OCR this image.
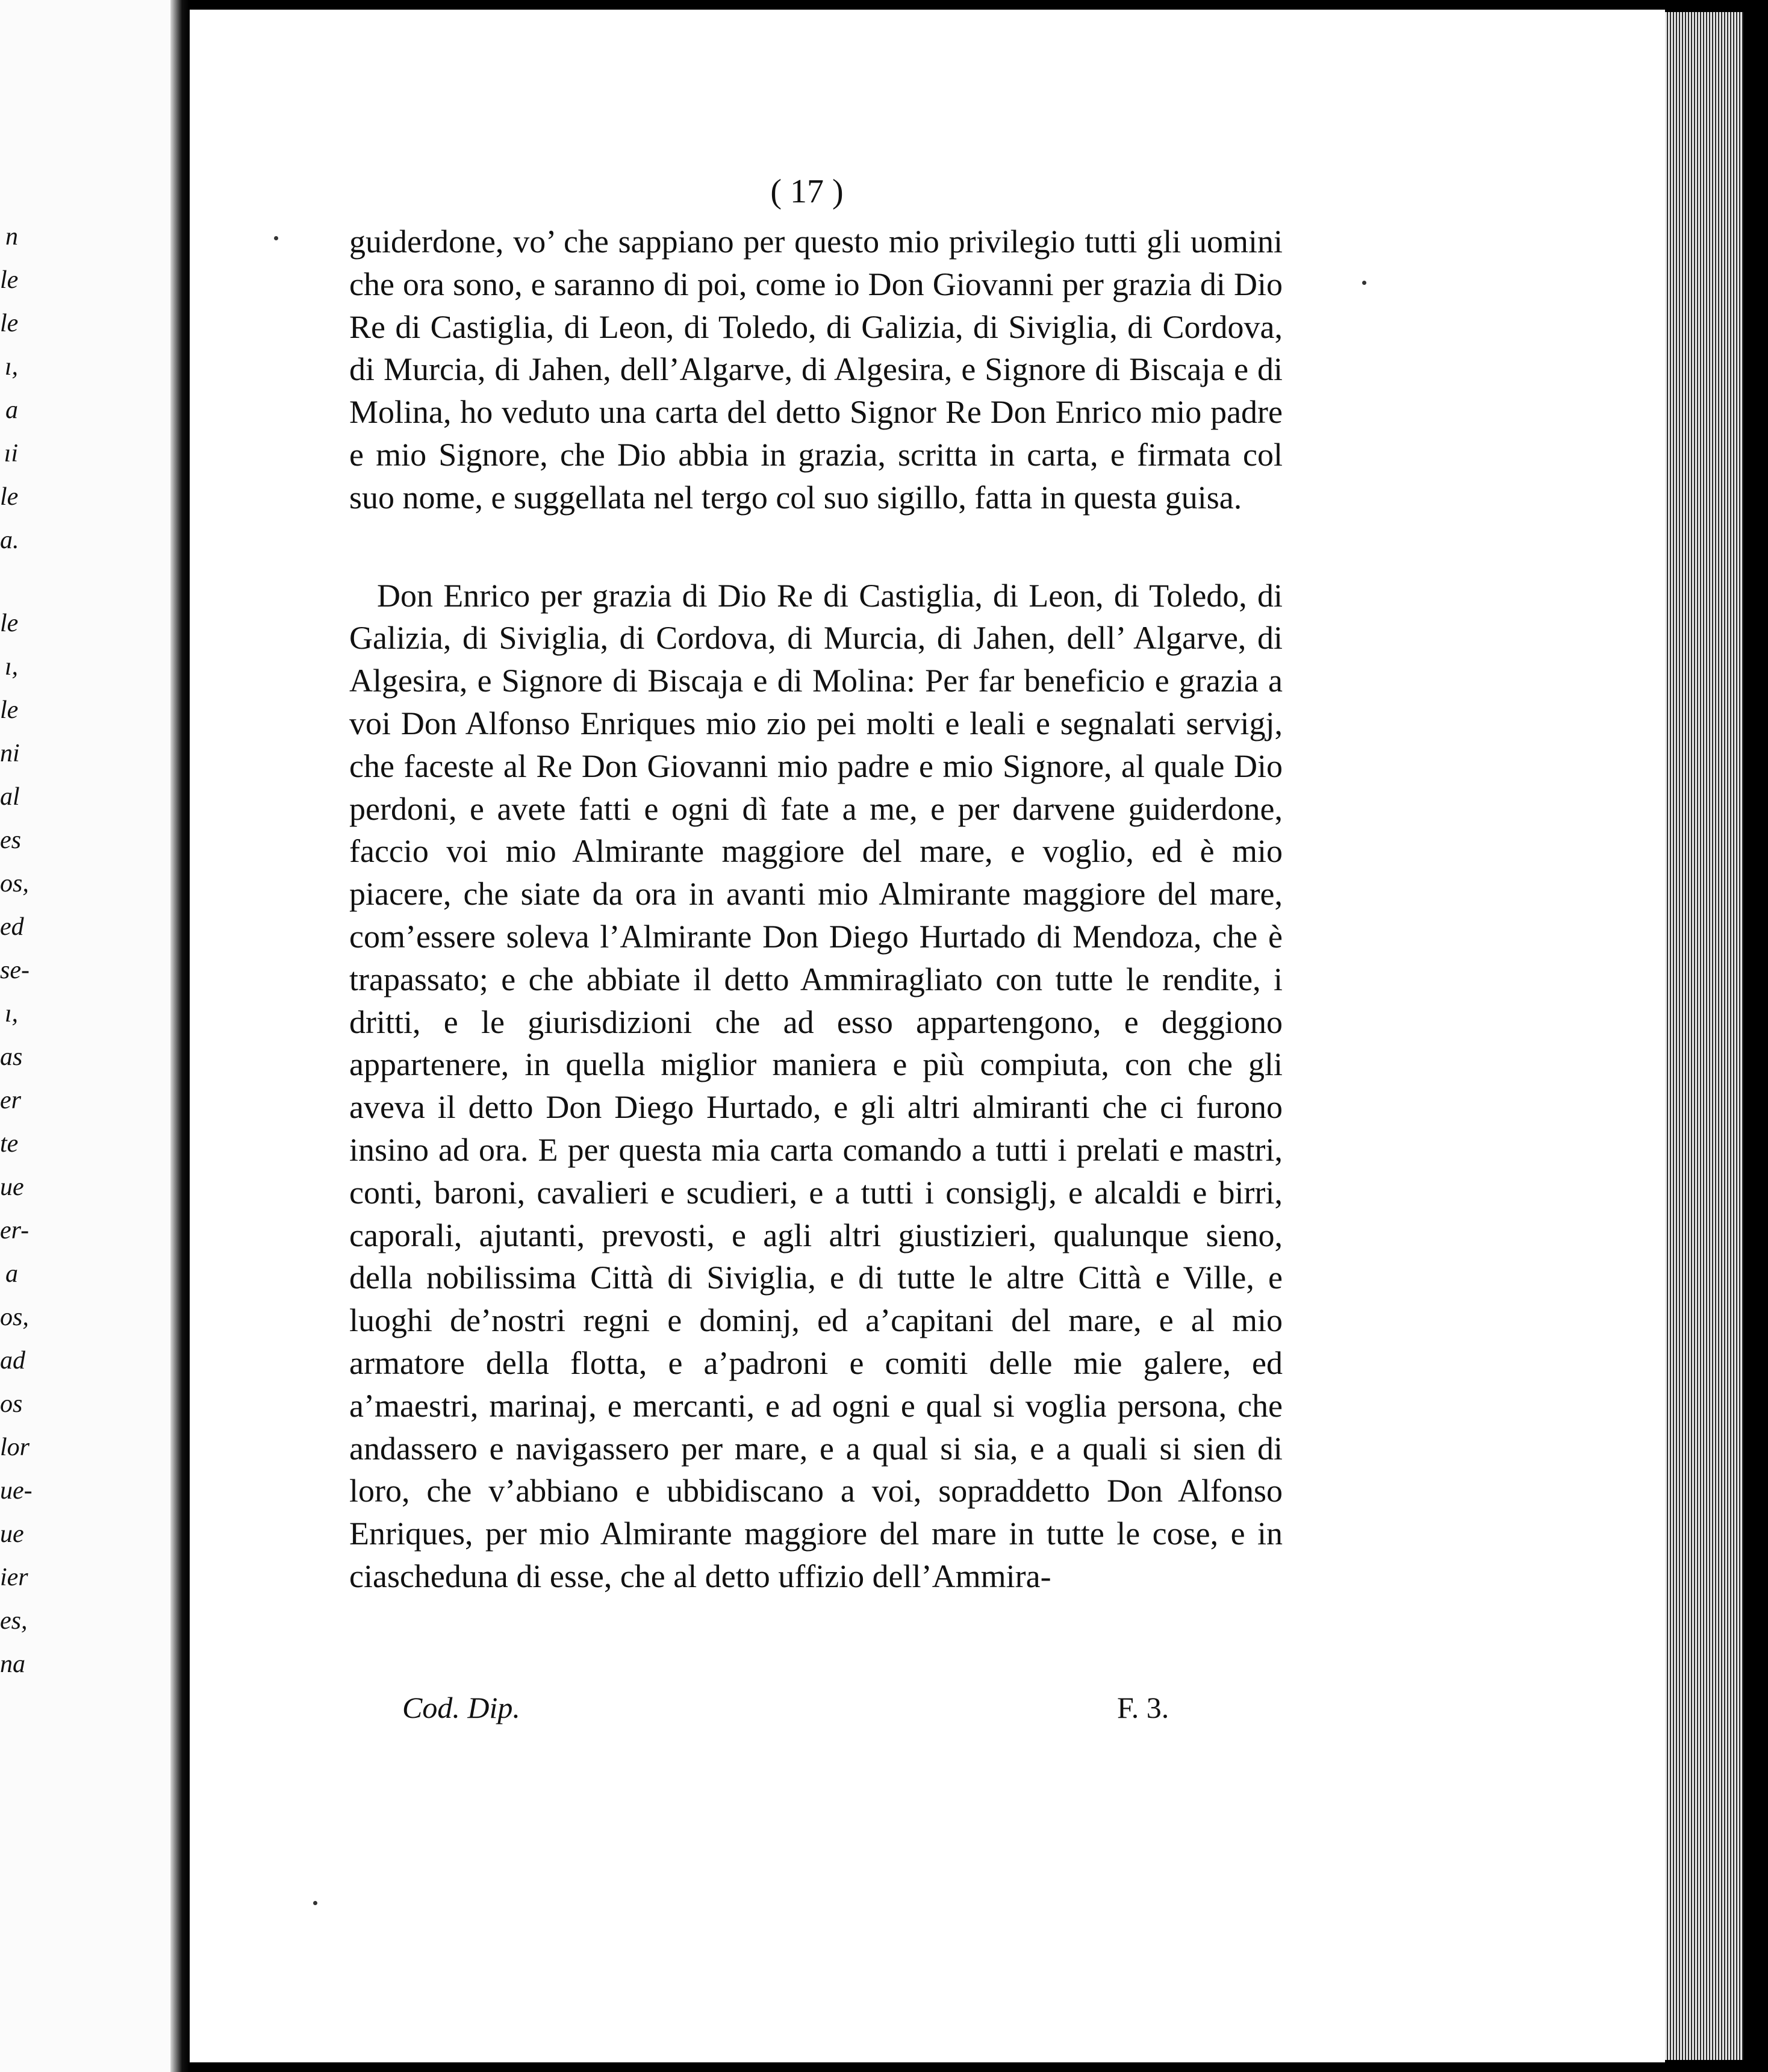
n
le
le
ı,
a
ıi
le
a.
le
ı,
le
ni
al
es
os,
ed
se-
ı,
as
er
te
ue
er-
a
os,
ad
os
lor
ue-
ue
ier
es,
na
( 17 )

guiderdone, vo’ che sappiano per questo mio privilegio tutti gli uomini che ora sono, e saranno di poi, come io Don Giovanni per grazia di Dio Re di Castiglia, di Leon, di Toledo, di Galizia, di Siviglia, di Cordova, di Murcia, di Jahen, dell’Algarve, di Algesira, e Signore di Biscaja e di Molina, ho veduto una carta del detto Signor Re Don Enrico mio padre e mio Signore, che Dio abbia in grazia, scritta in carta, e firmata col suo nome, e suggellata nel tergo col suo sigillo, fatta in questa guisa.

Don Enrico per grazia di Dio Re di Castiglia, di Leon, di Toledo, di Galizia, di Siviglia, di Cordova, di Murcia, di Jahen, dell’ Algarve, di Algesira, e Signore di Biscaja e di Molina: Per far beneficio e grazia a voi Don Alfonso Enriques mio zio pei molti e leali e segnalati servigj, che faceste al Re Don Giovanni mio padre e mio Signore, al quale Dio perdoni, e avete fatti e ogni dì fate a me, e per darvene guiderdone, faccio voi mio Almirante maggiore del mare, e voglio, ed è mio piacere, che siate da ora in avanti mio Almirante maggiore del mare, com’essere soleva l’Almirante Don Diego Hurtado di Mendoza, che è trapassato; e che abbiate il detto Ammiragliato con tutte le rendite, i dritti, e le giurisdizioni che ad esso appartengono, e deggiono appartenere, in quella miglior maniera e più compiuta, con che gli aveva il detto Don Diego Hurtado, e gli altri almiranti che ci furono insino ad ora. E per questa mia carta comando a tutti i prelati e mastri, conti, baroni, cavalieri e scudieri, e a tutti i consiglj, e alcaldi e birri, caporali, ajutanti, prevosti, e agli altri giustizieri, qualunque sieno, della nobilissima Città di Siviglia, e di tutte le altre Città e Ville, e luoghi de’nostri regni e dominj, ed a’capitani del mare, e al mio armatore della flotta, e a’padroni e comiti delle mie galere, ed a’maestri, marinaj, e mercanti, e ad ogni e qual si voglia persona, che andassero e navigassero per mare, e a qual si sia, e a quali si sien di loro, che v’abbiano e ubbidiscano a voi, sopraddetto Don Alfonso Enriques, per mio Almirante maggiore del mare in tutte le cose, e in ciascheduna di esse, che al detto uffizio dell’Ammira-

Cod. Dip.	F. 3.
